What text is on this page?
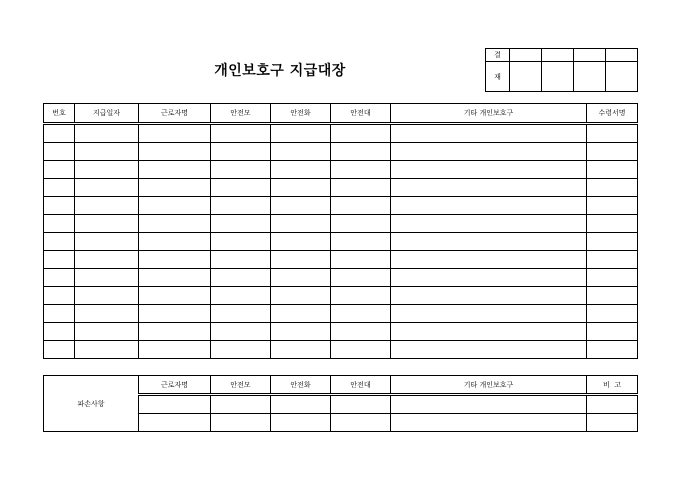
개인보호구 지급대장
결				
재				
번호	지급일자	근로자명	안전모	안전화	안전대	기타 개인보호구	수령서명

파손사항	근로자명	안전모	안전화	안전대	기타 개인보호구	비  고
